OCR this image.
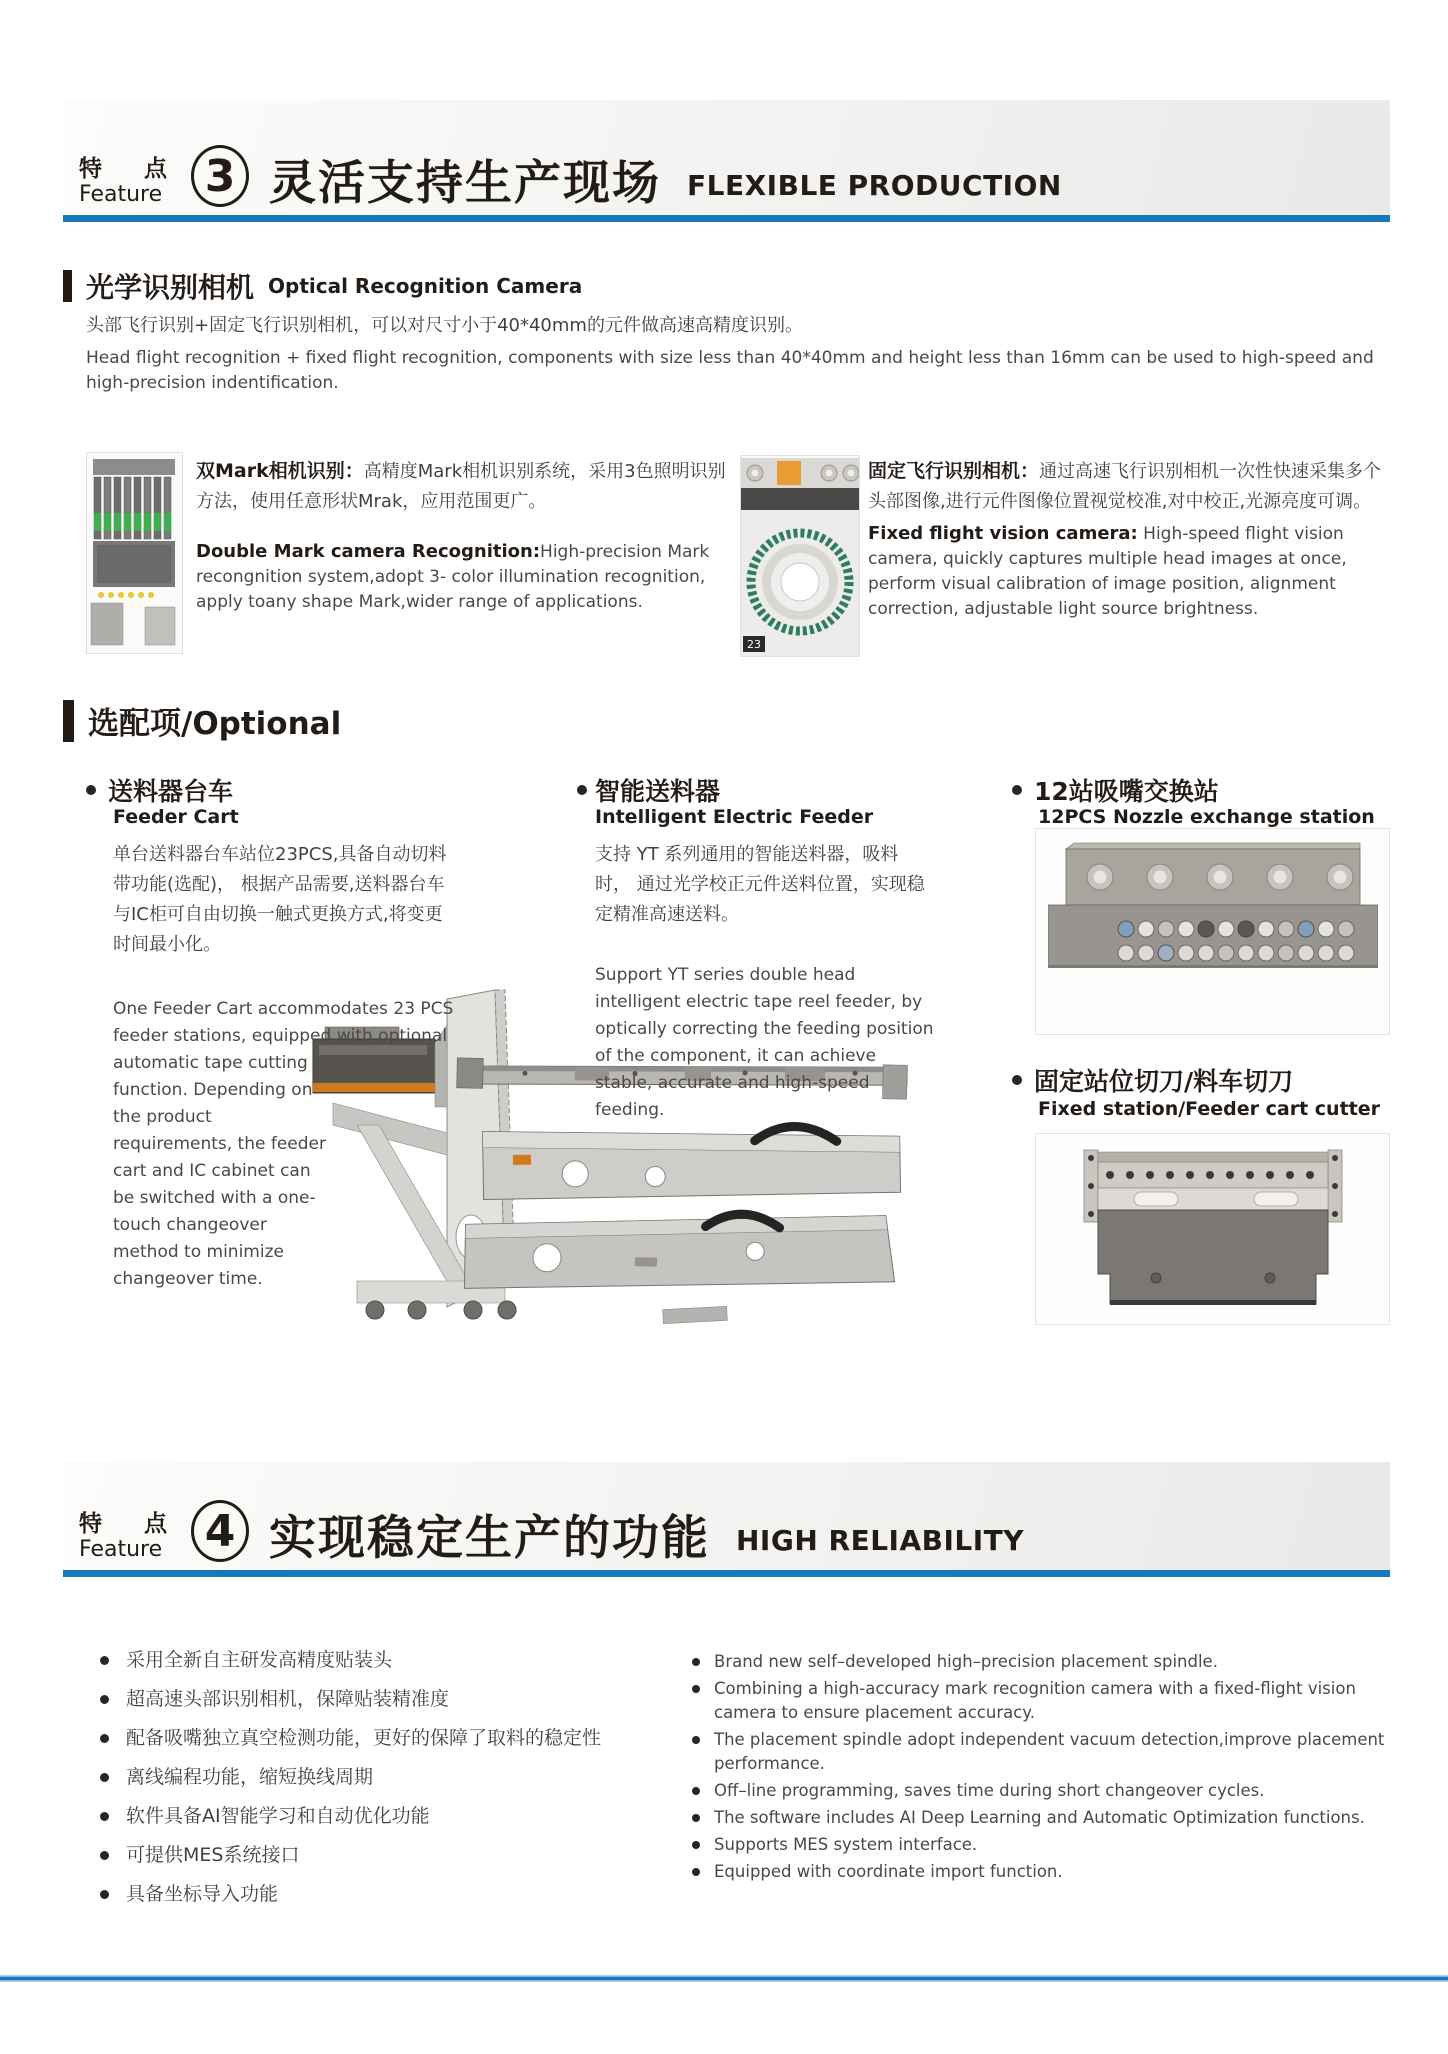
特点
Feature 3 灵活支持生产现场 FLEXIBLE PRODUCTION
光学识别相机 Optical Recognition Camera
头部飞行识别+固定飞行识别相机，可以对尺寸小于40*40mm的元件做高速高精度识别。
Head flight recognition + fixed flight recognition, components with size less than 40*40mm and height less than 16mm can be used to high-speed and high-precision indentification.

双Mark相机识别：高精度Mark相机识别系统，采用3色照明识别方法，使用任意形状Mrak，应用范围更广。

Double Mark camera Recognition:High-precision Mark recongnition system,adopt 3- color illumination recognition, apply toany shape Mark,wider range of applications.

23

固定飞行识别相机：通过高速飞行识别相机一次性快速采集多个头部图像,进行元件图像位置视觉校准,对中校正,光源亮度可调。

Fixed flight vision camera: High-speed flight vision camera, quickly captures multiple head images at once, perform visual calibration of image position, alignment correction, adjustable light source brightness.

选配项/Optional
送料器台车
Feeder Cart
单台送料器台车站位23PCS,具备自动切料带功能(选配)， 根据产品需要,送料器台车与IC柜可自由切换一触式更换方式,将变更时间最小化。
One Feeder Cart accommodates 23 PCS feeder stations, equipped with optional
automatic tape cutting function. Depending on the product requirements, the feeder cart and IC cabinet can be switched with a one-touch changeover method to minimize changeover time.
智能送料器
Intelligent Electric Feeder
支持 YT 系列通用的智能送料器，吸料时， 通过光学校正元件送料位置，实现稳定精准高速送料。
Support YT series double head intelligent electric tape reel feeder, by optically correcting the feeding position of the component, it can achieve stable, accurate and high-speed feeding.
12站吸嘴交换站
12PCS Nozzle exchange station
固定站位切刀/料车切刀
Fixed station/Feeder cart cutter
特点
Feature 4 实现稳定生产的功能 HIGH RELIABILITY
采用全新自主研发高精度贴装头
超高速头部识别相机，保障贴装精准度
配备吸嘴独立真空检测功能，更好的保障了取料的稳定性
离线编程功能，缩短换线周期
软件具备AI智能学习和自动优化功能
可提供MES系统接口
具备坐标导入功能
Brand new self–developed high–precision placement spindle.
Combining a high-accuracy mark recognition camera with a fixed-flight vision camera to ensure placement accuracy.
The placement spindle adopt independent vacuum detection,improve placement performance.
Off–line programming, saves time during short changeover cycles.
The software includes AI Deep Learning and Automatic Optimization functions.
Supports MES system interface.
Equipped with coordinate import function.
